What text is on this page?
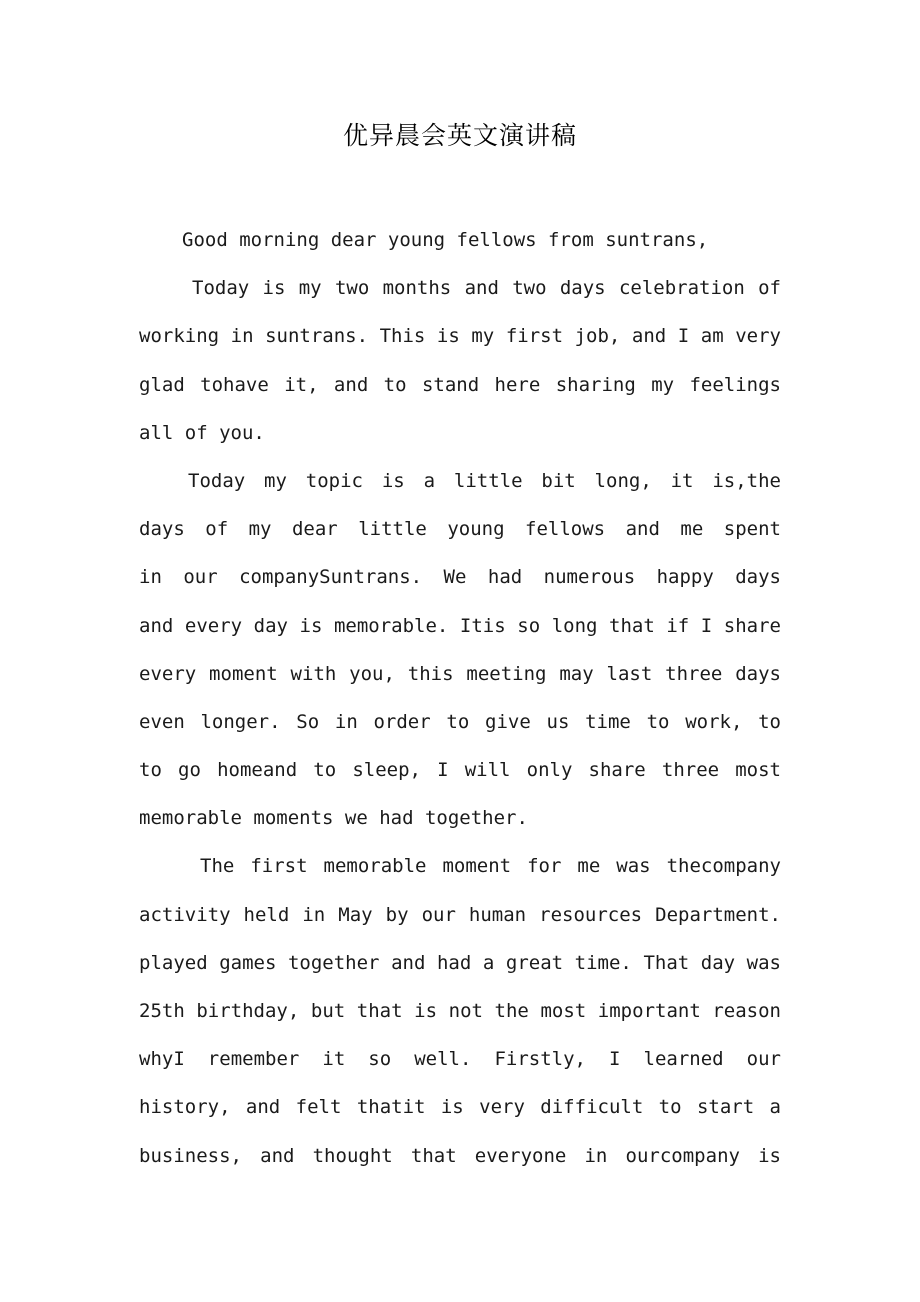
优异晨会英文演讲稿
Good morning dear young fellows from suntrans,
Today is my two months and two days celebration of
working in suntrans. This is my first job, and I am very
glad tohave it, and to stand here sharing my feelings
all of you.
Today my topic is a little bit long, it is,the
days of my dear little young fellows and me spent
in our companySuntrans. We had numerous happy days
and every day is memorable. Itis so long that if I share
every moment with you, this meeting may last three days
even longer. So in order to give us time to work, to
to go homeand to sleep, I will only share three most
memorable moments we had together.
The first memorable moment for me was thecompany
activity held in May by our human resources Department.
played games together and had a great time. That day was
25th birthday, but that is not the most important reason
whyI remember it so well. Firstly, I learned our
history, and felt thatit is very difficult to start a
business, and thought that everyone in ourcompany is
